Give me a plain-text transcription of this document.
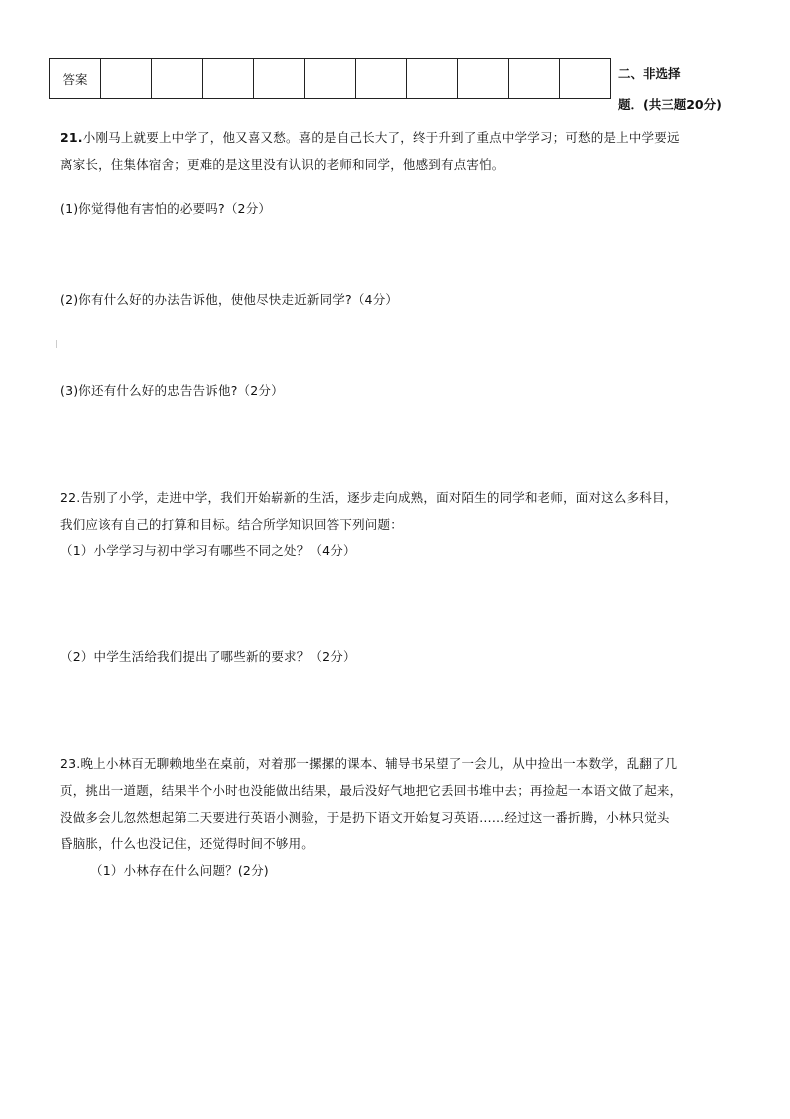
答案											二、非选择
题．(共三题20分)
21.小刚马上就要上中学了，他又喜又愁。喜的是自己长大了，终于升到了重点中学学习；可愁的是上中学要远
离家长，住集体宿舍；更难的是这里没有认识的老师和同学，他感到有点害怕。
(1)你觉得他有害怕的必要吗?（2分）
(2)你有什么好的办法告诉他，使他尽快走近新同学?（4分）
(3)你还有什么好的忠告告诉他?（2分）
22.告别了小学，走进中学，我们开始崭新的生活，逐步走向成熟，面对陌生的同学和老师，面对这么多科目，
我们应该有自己的打算和目标。结合所学知识回答下列问题：
（1）小学学习与初中学习有哪些不同之处？（4分）
（2）中学生活给我们提出了哪些新的要求？（2分）
23.晚上小林百无聊赖地坐在桌前，对着那一摞摞的课本、辅导书呆望了一会儿，从中捡出一本数学，乱翻了几
页，挑出一道题，结果半个小时也没能做出结果，最后没好气地把它丢回书堆中去；再捡起一本语文做了起来，
没做多会儿忽然想起第二天要进行英语小测验，于是扔下语文开始复习英语……经过这一番折腾，小林只觉头
昏脑胀，什么也没记住，还觉得时间不够用。
（1）小林存在什么问题？(2分)
